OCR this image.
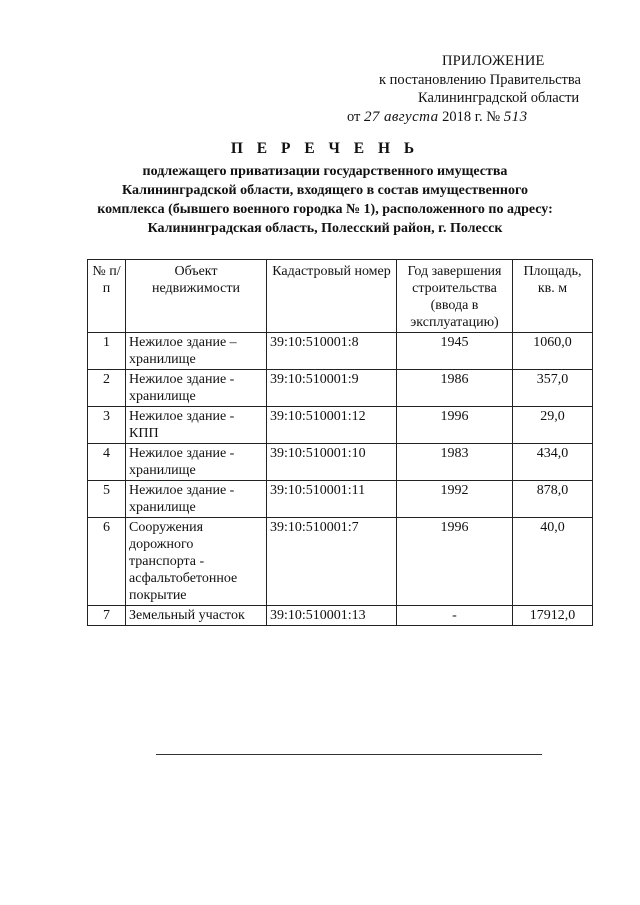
ПРИЛОЖЕНИЕ
к постановлению Правительства
Калининградской области
от 27 августа 2018 г. № 513
П Е Р Е Ч Е Н Ь
подлежащего приватизации государственного имущества
Калининградской области, входящего в состав имущественного
комплекса (бывшего военного городка № 1), расположенного по адресу:
Калининградская область, Полесский район, г. Полесск
№ п/п	Объект недвижимости	Кадастровый номер	Год завершения строительства (ввода в эксплуатацию)	Площадь, кв. м
1	Нежилое здание – хранилище	39:10:510001:8	1945	1060,0
2	Нежилое здание - хранилище	39:10:510001:9	1986	357,0
3	Нежилое здание - КПП	39:10:510001:12	1996	29,0
4	Нежилое здание - хранилище	39:10:510001:10	1983	434,0
5	Нежилое здание - хранилище	39:10:510001:11	1992	878,0
6	Сооружения дорожного транспорта - асфальтобетонное покрытие	39:10:510001:7	1996	40,0
7	Земельный участок	39:10:510001:13	-	17912,0
